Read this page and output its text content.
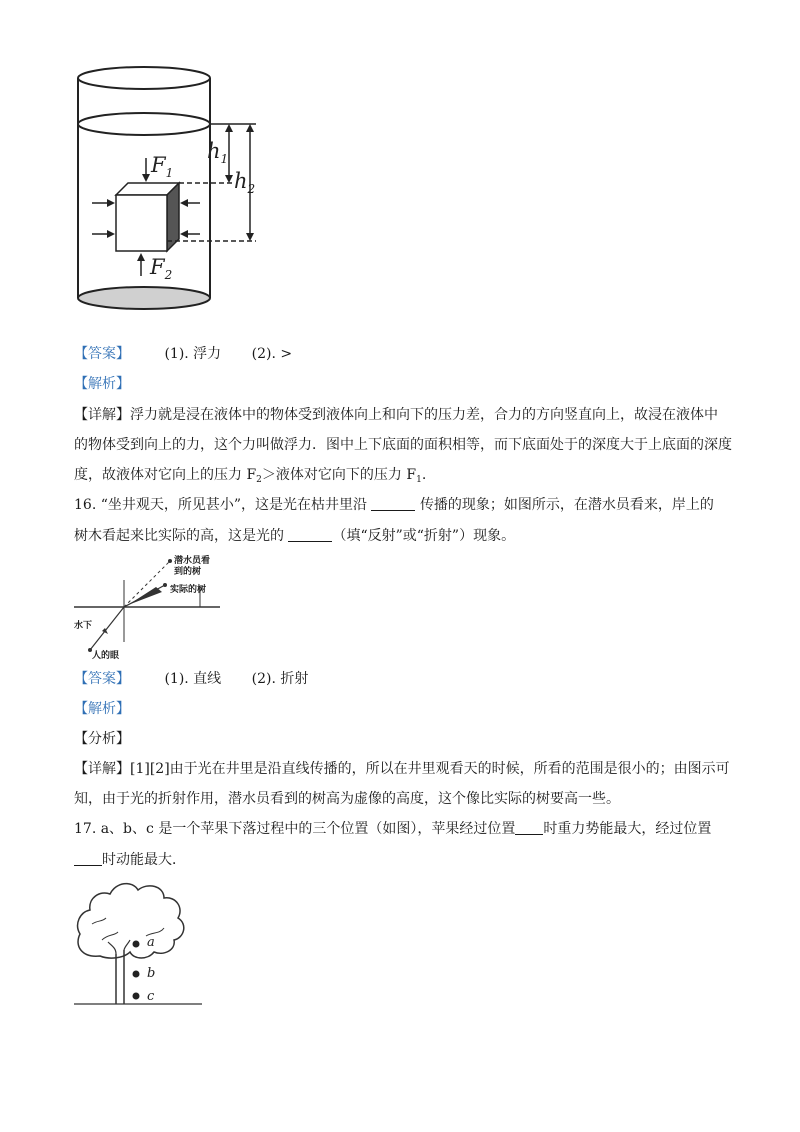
$F_1$
$F_2$
$h_1$
$h_2$
【答案】 (1). 浮力 (2). >
【解析】
【详解】浮力就是浸在液体中的物体受到液体向上和向下的压力差，合力的方向竖直向上，故浸在液体中
的物体受到向上的力，这个力叫做浮力．图中上下底面的面积相等，而下底面处于的深度大于上底面的深度
度，故液体对它向上的压力 $F_2>$液体对它向下的压力 $F_1$.
16. “坐井观天，所见甚小”，这是光在枯井里沿	传播的现象；如图所示，在潜水员看来，岸上的
树木看起来比实际的高，这是光的	（填“反射”或“折射”）现象。
潜水员看
到的树
实际的树
水下
人的眼
【答案】 (1). 直线 (2). 折射
【解析】
【分析】
【详解】[1][2]由于光在井里是沿直线传播的，所以在井里观看天的时候，所看的范围是很小的；由图示可
知，由于光的折射作用，潜水员看到的树高为虚像的高度，这个像比实际的树要高一些。
17. a、b、c 是一个苹果下落过程中的三个位置（如图），苹果经过位置 时重力势能最大，经过位置
时动能最大．
a
b
c
